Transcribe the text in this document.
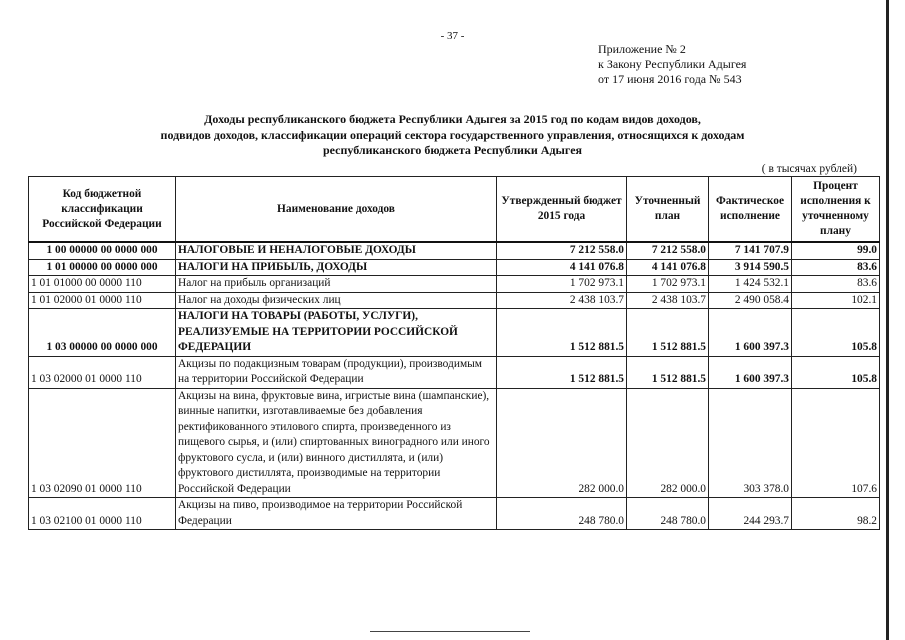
- 37 -
Приложение № 2
к Закону Республики Адыгея
от 17 июня 2016 года № 543
Доходы республиканского бюджета Республики Адыгея за 2015 год по кодам видов доходов,
подвидов доходов, классификации операций сектора государственного управления, относящихся к доходам
республиканского бюджета Республики Адыгея
( в тысячах рублей)
Код бюджетной классификации Российской Федерации	Наименование доходов	Утвержденный бюджет 2015 года	Уточненный план	Фактическое исполнение	Процент исполнения к уточненному плану
1 00 00000 00 0000 000	НАЛОГОВЫЕ И НЕНАЛОГОВЫЕ ДОХОДЫ	7 212 558.0	7 212 558.0	7 141 707.9	99.0
1 01 00000 00 0000 000	НАЛОГИ НА ПРИБЫЛЬ, ДОХОДЫ	4 141 076.8	4 141 076.8	3 914 590.5	83.6
1 01 01000 00 0000 110	Налог на прибыль организаций	1 702 973.1	1 702 973.1	1 424 532.1	83.6
1 01 02000 01 0000 110	Налог на доходы физических лиц	2 438 103.7	2 438 103.7	2 490 058.4	102.1
1 03 00000 00 0000 000	НАЛОГИ НА ТОВАРЫ (РАБОТЫ, УСЛУГИ), РЕАЛИЗУЕМЫЕ НА ТЕРРИТОРИИ РОССИЙСКОЙ ФЕДЕРАЦИИ	1 512 881.5	1 512 881.5	1 600 397.3	105.8
1 03 02000 01 0000 110	Акцизы по подакцизным товарам (продукции), производимым на территории Российской Федерации	1 512 881.5	1 512 881.5	1 600 397.3	105.8
1 03 02090 01 0000 110	Акцизы на вина, фруктовые вина, игристые вина (шампанские), винные напитки, изготавливаемые без добавления ректификованного этилового спирта, произведенного из пищевого сырья, и (или) спиртованных виноградного или иного фруктового сусла, и (или) винного дистиллята, и (или) фруктового дистиллята, производимые на территории Российской Федерации	282 000.0	282 000.0	303 378.0	107.6
1 03 02100 01 0000 110	Акцизы на пиво, производимое на территории Российской Федерации	248 780.0	248 780.0	244 293.7	98.2
